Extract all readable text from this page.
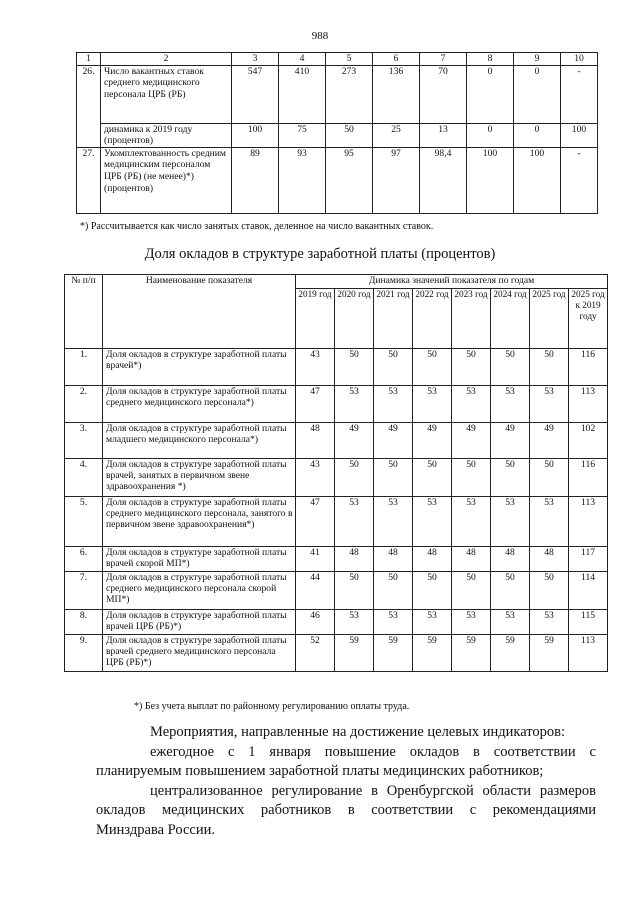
988
1	2	3	4	5	6	7	8	9	10
26.	Число вакантных ставок среднего медицинского персонала ЦРБ (РБ)	547	410	273	136	70	0	0	-
	динамика к 2019 году (процентов)	100	75	50	25	13	0	0	100
27.	Укомплектованность средним медицинским персоналом ЦРБ (РБ) (не менее)*) (процентов)	89	93	95	97	98,4	100	100	-
*) Рассчитывается как число занятых ставок, деленное на число вакантных ставок.
Доля окладов в структуре заработной платы (процентов)
№ п/п	Наименование показателя	Динамика значений показателя по годам							
		2019 год	2020 год	2021 год	2022 год	2023 год	2024 год	2025 год	2025 год к 2019 году
1.	Доля окладов в структуре заработной платы врачей*)	43	50	50	50	50	50	50	116
2.	Доля окладов в структуре заработной платы среднего медицинского персонала*)	47	53	53	53	53	53	53	113
3.	Доля окладов в структуре заработной платы младшего медицинского персонала*)	48	49	49	49	49	49	49	102
4.	Доля окладов в структуре заработной платы врачей, занятых в первичном звене здравоохранения *)	43	50	50	50	50	50	50	116
5.	Доля окладов в структуре заработной платы среднего медицинского персонала, занятого в первичном звене здравоохранения*)	47	53	53	53	53	53	53	113
6.	Доля окладов в структуре заработной платы врачей скорой МП*)	41	48	48	48	48	48	48	117
7.	Доля окладов в структуре заработной платы среднего медицинского персонала скорой МП*)	44	50	50	50	50	50	50	114
8.	Доля окладов в структуре заработной платы врачей ЦРБ (РБ)*)	46	53	53	53	53	53	53	115
9.	Доля окладов в структуре заработной платы врачей среднего медицинского персонала ЦРБ (РБ)*)	52	59	59	59	59	59	59	113
*) Без учета выплат по районному регулированию оплаты труда.
Мероприятия, направленные на достижение целевых индикаторов:
ежегодное с 1 января повышение окладов в соответствии с
планируемым повышением заработной платы медицинских работников;
централизованное регулирование в Оренбургской области размеров
окладов медицинских работников в соответствии с рекомендациями
Минздрава России.
